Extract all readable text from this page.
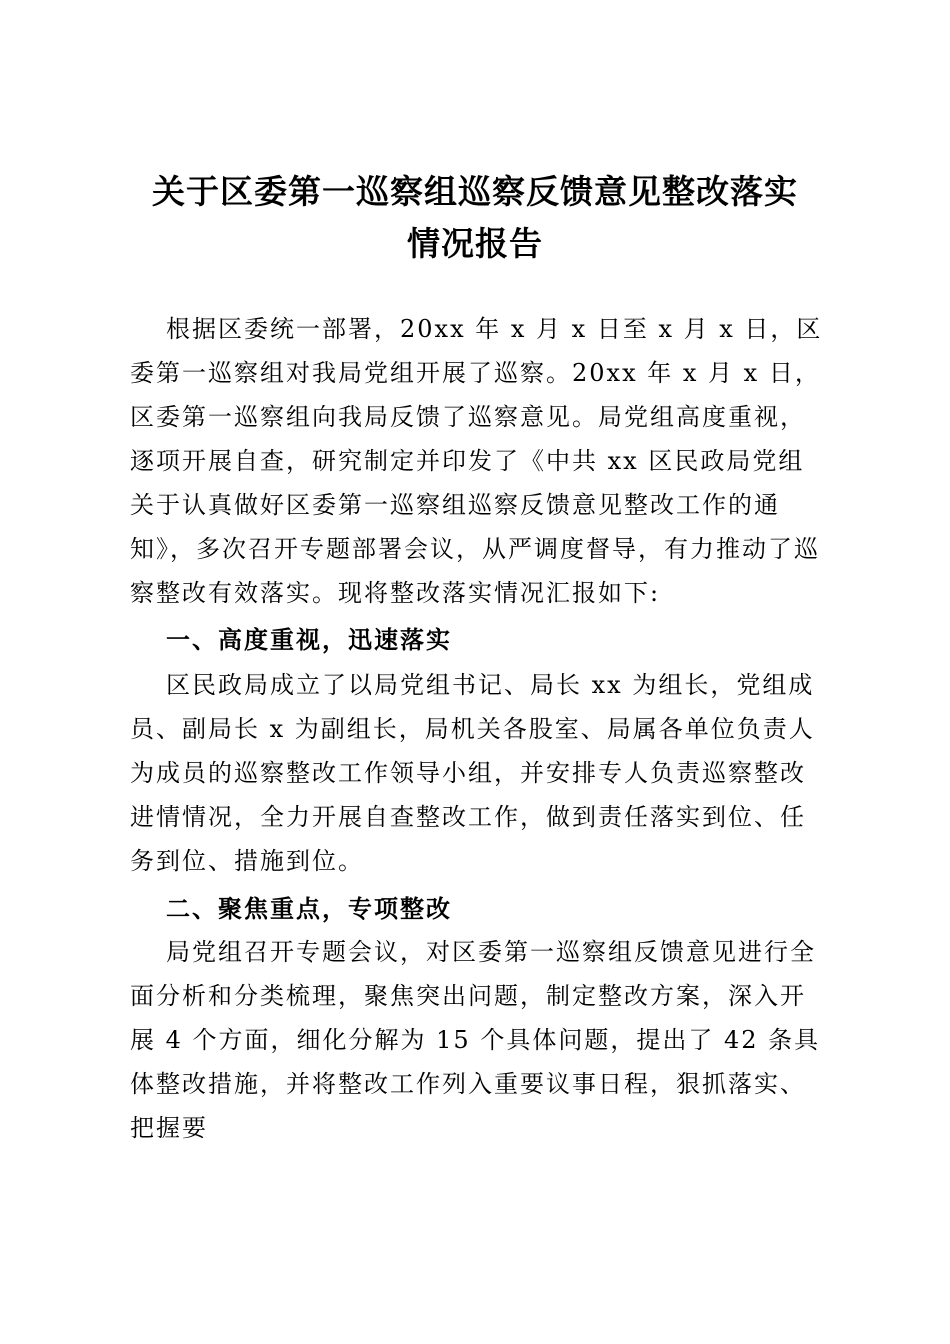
关于区委第一巡察组巡察反馈意见整改落实
情况报告

根据区委统一部署，20xx 年 x 月 x 日至 x 月 x 日，区委第一巡察组对我局党组开展了巡察。20xx 年 x 月 x 日，区委第一巡察组向我局反馈了巡察意见。局党组高度重视，逐项开展自查，研究制定并印发了《中共 xx 区民政局党组关于认真做好区委第一巡察组巡察反馈意见整改工作的通知》，多次召开专题部署会议，从严调度督导，有力推动了巡察整改有效落实。现将整改落实情况汇报如下:

一、高度重视，迅速落实

区民政局成立了以局党组书记、局长 xx 为组长，党组成员、副局长 x 为副组长，局机关各股室、局属各单位负责人为成员的巡察整改工作领导小组，并安排专人负责巡察整改进情情况，全力开展自查整改工作，做到责任落实到位、任务到位、措施到位。

二、聚焦重点，专项整改

局党组召开专题会议，对区委第一巡察组反馈意见进行全面分析和分类梳理，聚焦突出问题，制定整改方案，深入开展 4 个方面，细化分解为 15 个具体问题，提出了 42 条具体整改措施，并将整改工作列入重要议事日程，狠抓落实、把握要
